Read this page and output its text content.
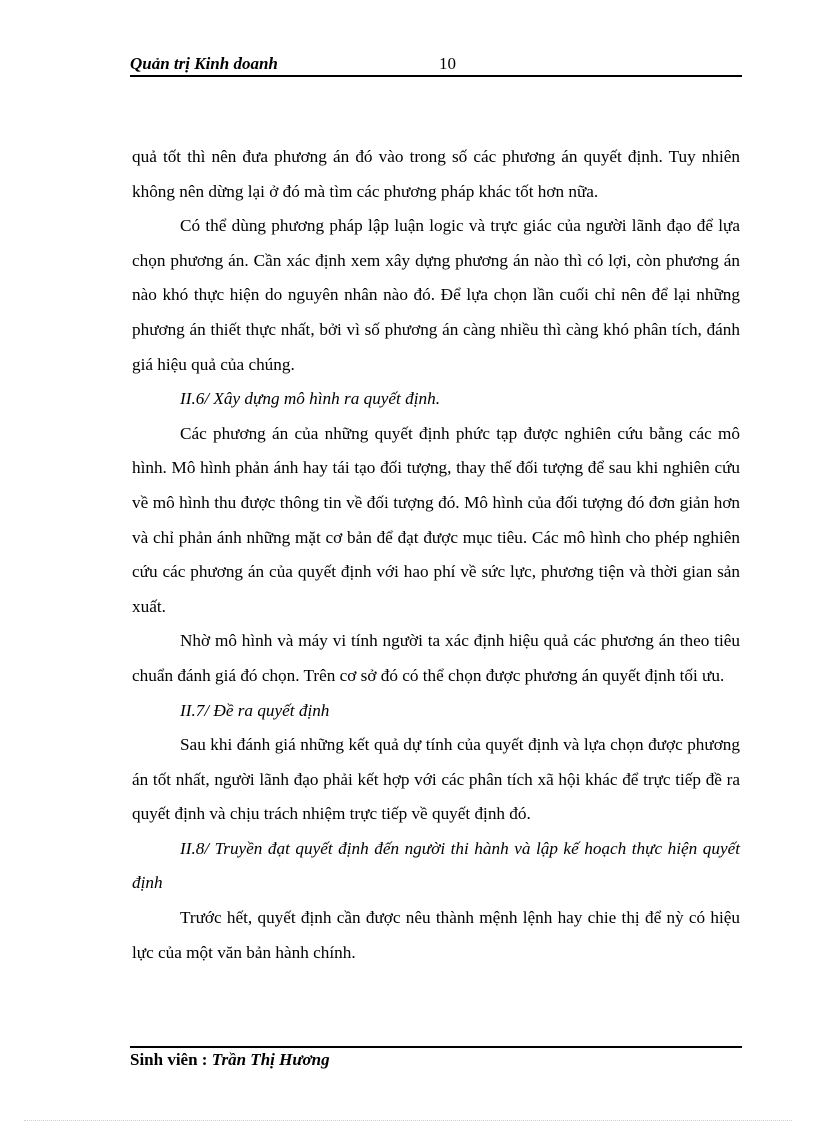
Quản trị Kinh doanh	10

quả tốt thì nên đưa phương án đó vào trong số các phương án quyết định. Tuy nhiên không nên dừng lại ở đó mà tìm các phương pháp khác tốt hơn nữa.

Có thể dùng phương pháp lập luận logic và trực giác của người lãnh đạo để lựa chọn phương án. Cần xác định xem xây dựng phương án nào thì có lợi, còn phương án nào khó thực hiện do nguyên nhân nào đó. Để lựa chọn lần cuối chỉ nên để lại những phương án thiết thực nhất, bởi vì số phương án càng nhiều thì càng khó phân tích, đánh giá hiệu quả của chúng.

II.6/ Xây dựng mô hình ra quyết định.

Các phương án của những quyết định phức tạp được nghiên cứu bằng các mô hình. Mô hình phản ánh hay tái tạo đối tượng, thay thế đối tượng để sau khi nghiên cứu về mô hình thu được thông tin về đối tượng đó. Mô hình của đối tượng đó đơn giản hơn và chỉ phản ánh những mặt cơ bản để đạt được mục tiêu. Các mô hình cho phép nghiên cứu các phương án của quyết định với hao phí về sức lực, phương tiện và thời gian sản xuất.

Nhờ mô hình và máy vi tính người ta xác định hiệu quả các phương án theo tiêu chuẩn đánh giá đó chọn. Trên cơ sở đó có thể chọn được phương án quyết định tối ưu.

II.7/ Đề ra quyết định

Sau khi đánh giá những kết quả dự tính của quyết định và lựa chọn được phương án tốt nhất, người lãnh đạo phải kết hợp với các phân tích xã hội khác để trực tiếp đề ra quyết định và chịu trách nhiệm trực tiếp về quyết định đó.

II.8/ Truyền đạt quyết định đến người thi hành và lập kế hoạch thực hiện quyết định

Trước hết, quyết định cần được nêu thành mệnh lệnh hay chie thị để nỳ có hiệu lực của một văn bản hành chính.

Sinh viên : Trần Thị Hương
